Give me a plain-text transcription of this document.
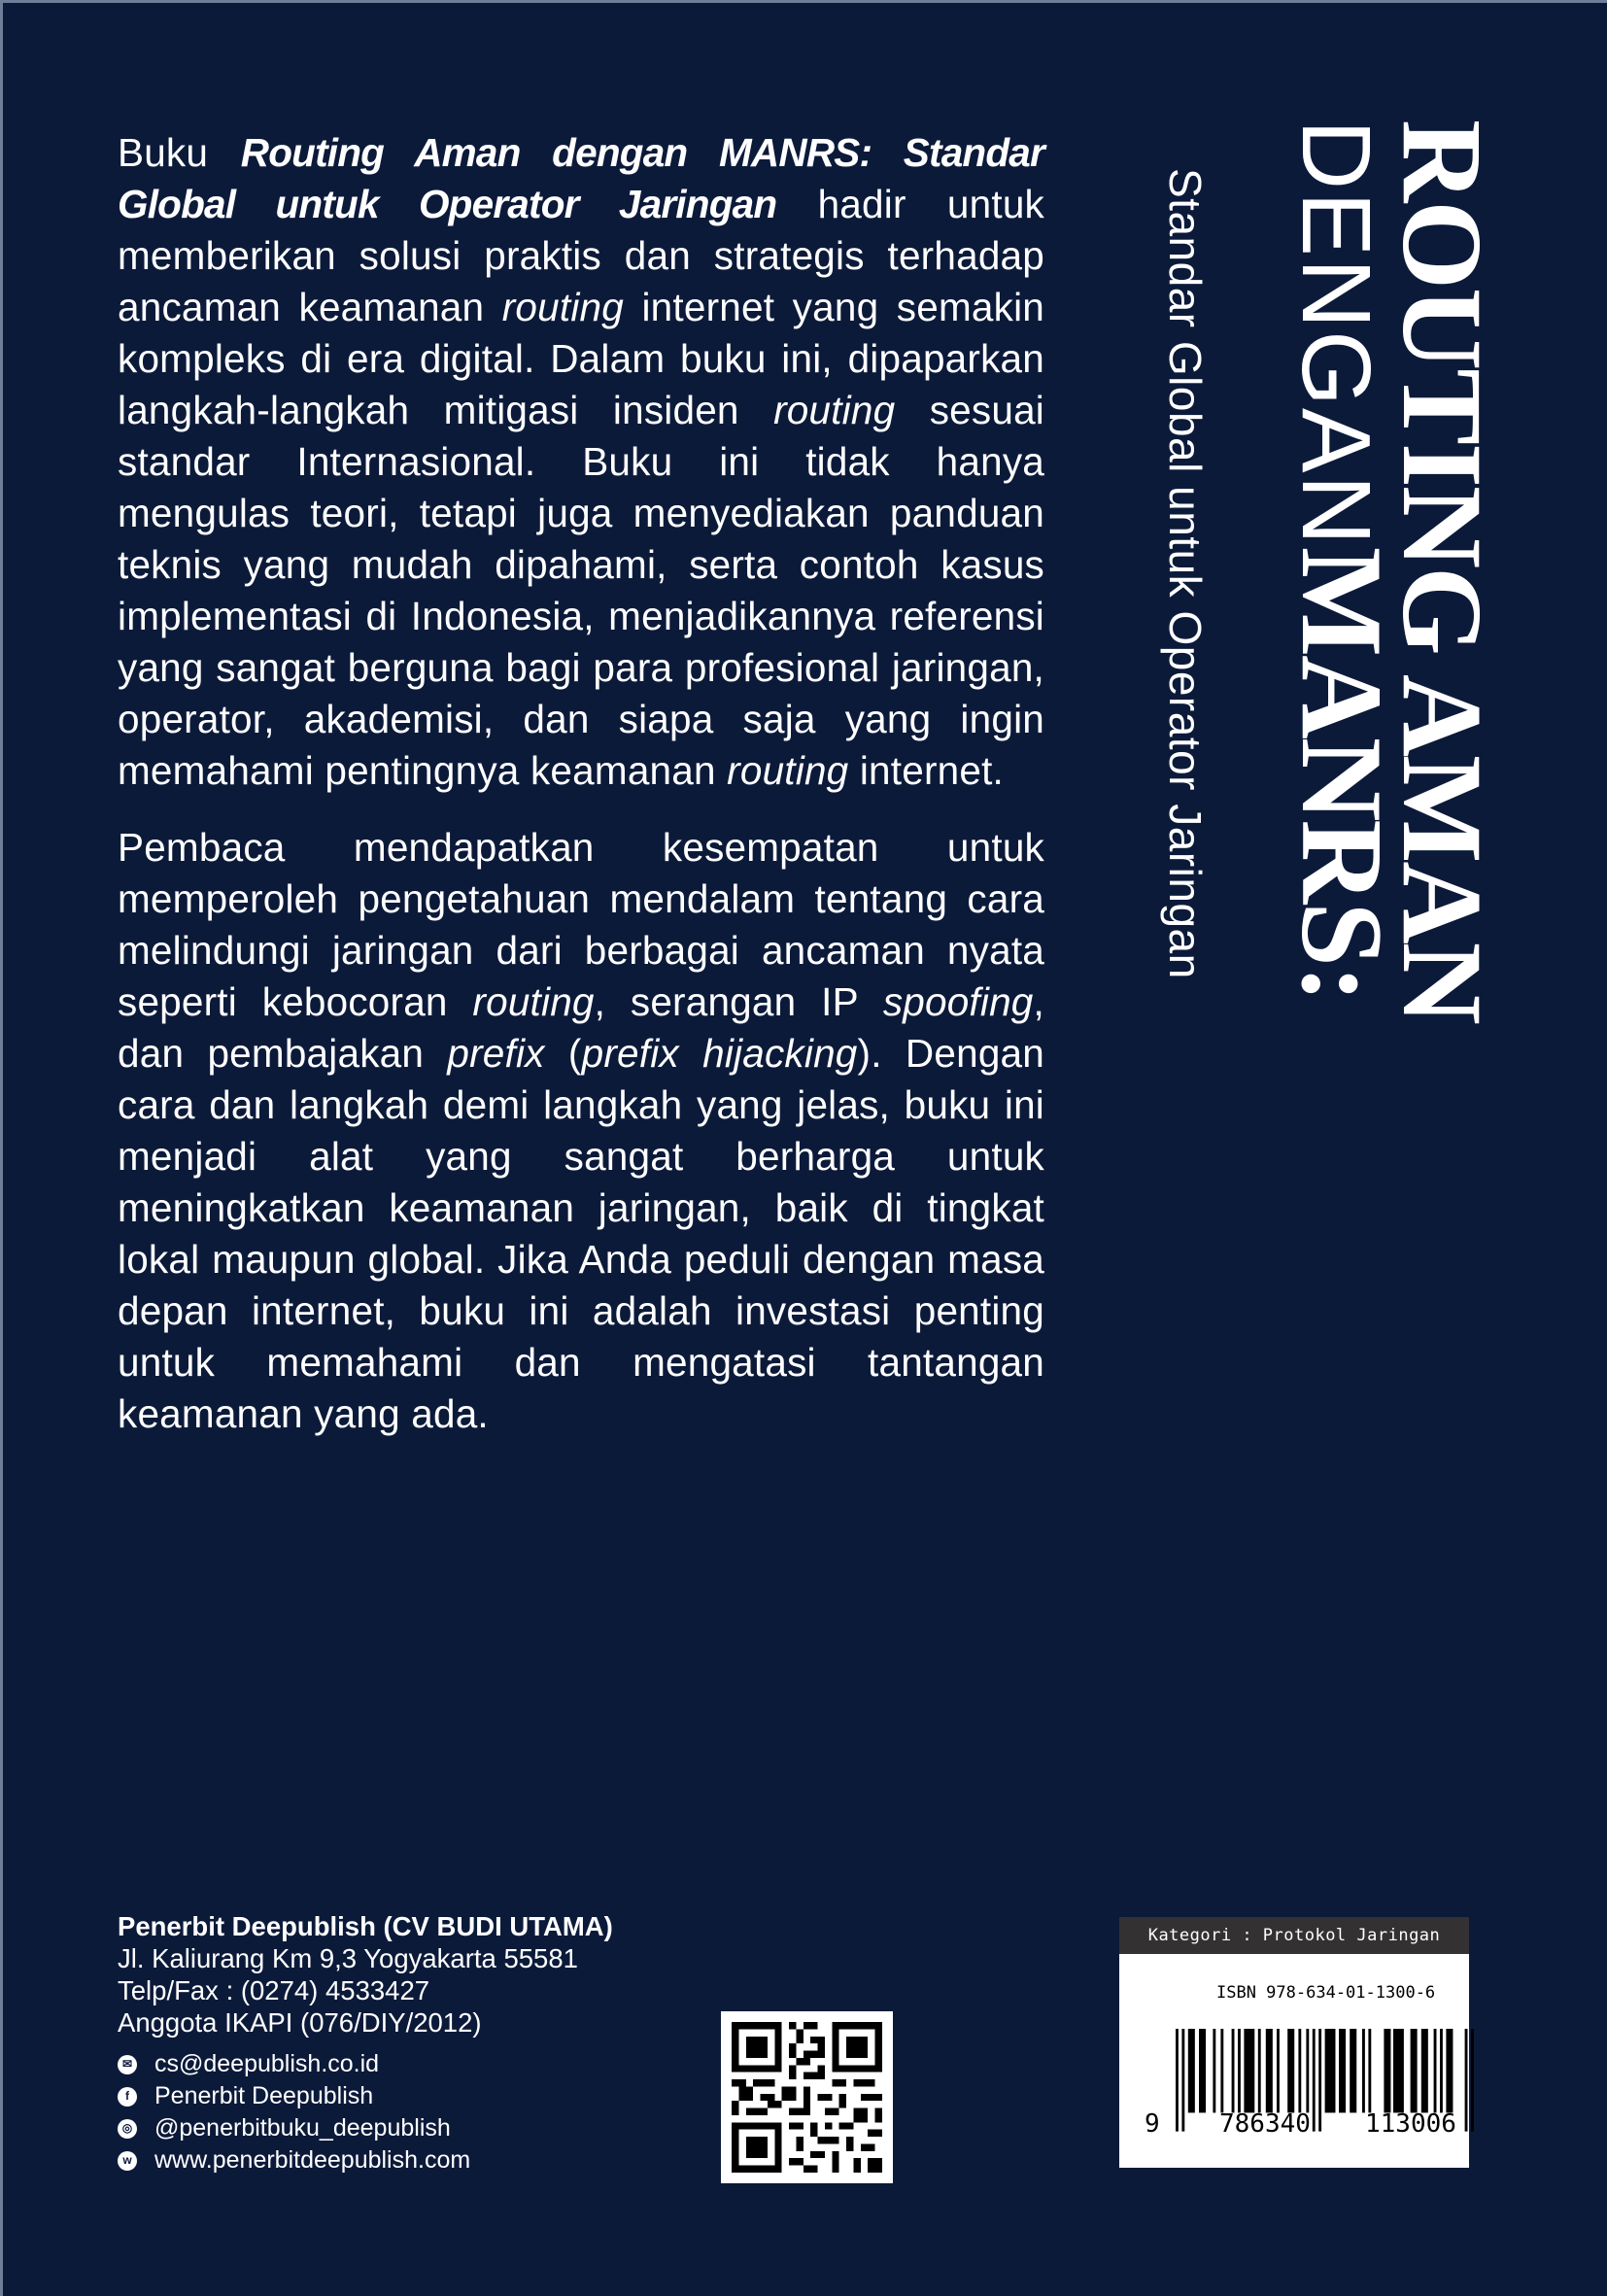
Buku Routing Aman dengan MANRS: Standar Global untuk Operator Jaringan hadir untuk memberikan solusi praktis dan strategis terhadap ancaman keamanan routing internet yang semakin kompleks di era digital. Dalam buku ini, dipaparkan langkah-langkah mitigasi insiden routing sesuai standar Internasional. Buku ini tidak hanya mengulas teori, tetapi juga menyediakan panduan teknis yang mudah dipahami, serta contoh kasus implementasi di Indonesia, menjadikannya referensi yang sangat berguna bagi para profesional jaringan, operator, akademisi, dan siapa saja yang ingin memahami pentingnya keamanan routing internet.

Pembaca mendapatkan kesempatan untuk memperoleh pengetahuan mendalam tentang cara melindungi jaringan dari berbagai ancaman nyata seperti kebocoran routing, serangan IP spoofing, dan pembajakan prefix (prefix hijacking). Dengan cara dan langkah demi langkah yang jelas, buku ini menjadi alat yang sangat berharga untuk meningkatkan keamanan jaringan, baik di tingkat lokal maupun global. Jika Anda peduli dengan masa depan internet, buku ini adalah investasi penting untuk memahami dan mengatasi tantangan keamanan yang ada.

ROUTING AMAN
DENGANMANRS:
Standar Global untuk Operator Jaringan
Penerbit Deepublish (CV BUDI UTAMA)
Jl. Kaliurang Km 9,3 Yogyakarta 55581
Telp/Fax : (0274) 4533427
Anggota IKAPI (076/DIY/2012)
✉ cs@deepublish.co.id
f	Penerbit Deepublish
◎ @penerbitbuku_deepublish
w www.penerbitdeepublish.com
Kategori : Protokol Jaringan
ISBN 978-634-01-1300-6
9 786340 113006
